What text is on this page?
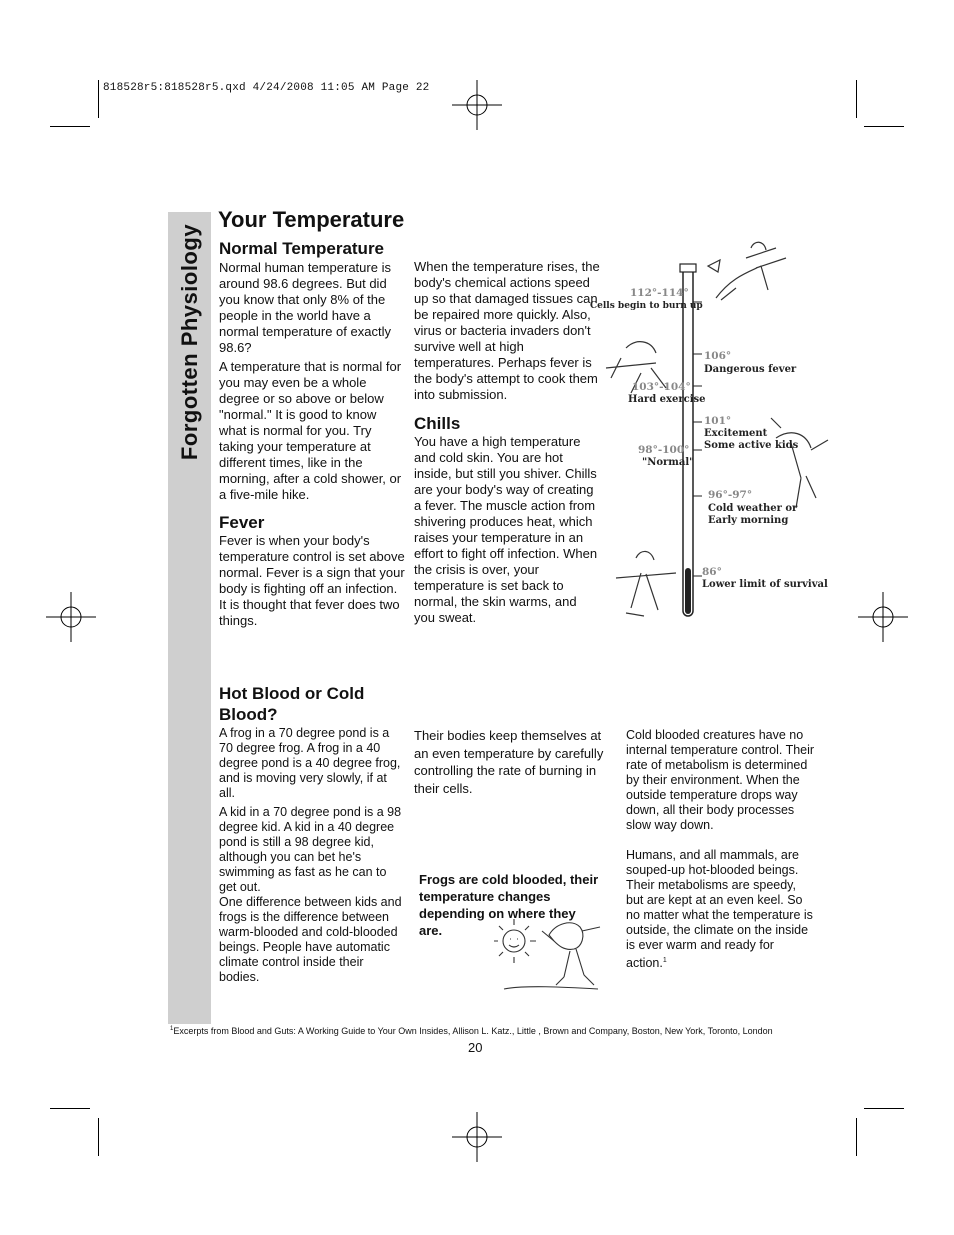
818528r5:818528r5.qxd 4/24/2008 11:05 AM Page 22
Forgotten Physiology
Your Temperature
Normal Temperature

Normal human temperature is around 98.6 degrees. But did you know that only 8% of the people in the world have a normal temperature of exactly 98.6?

A temperature that is normal for you may even be a whole degree or so above or below "normal." It is good to know what is normal for you. Try taking your temperature at different times, like in the morning, after a cold shower, or a five-mile hike.

Fever

Fever is when your body's temperature control is set above normal. Fever is a sign that your body is fighting off an infection. It is thought that fever does two things.

When the temperature rises, the body's chemical actions speed up so that damaged tissues can be repaired more quickly. Also, virus or bacteria invaders don't survive well at high temperatures. Perhaps fever is the body's attempt to cook them into submission.

Chills

You have a high temperature and cold skin. You are hot inside, but still you shiver. Chills are your body's way of creating a fever. The muscle action from shivering produces heat, which raises your temperature in an effort to fight off infection. When the crisis is over, your temperature is set back to normal, the skin warms, and you sweat.

112°-114°
Cells begin to burn up
106°
Dangerous fever
103°-104°
Hard exercise
101°
Excitement
Some active kids
98°-100°
"Normal"
96°-97°
Cold weather or
Early morning
86°
Lower limit of survival
Hot Blood or Cold Blood?

A frog in a 70 degree pond is a 70 degree frog. A frog in a 40 degree pond is a 40 degree frog, and is moving very slowly, if at all.

A kid in a 70 degree pond is a 98 degree kid. A kid in a 40 degree pond is still a 98 degree kid, although you can bet he's swimming as fast as he can to get out.

One difference between kids and frogs is the difference between warm-blooded and cold-blooded beings. People have automatic climate control inside their bodies.

Their bodies keep themselves at an even temperature by carefully controlling the rate of burning in their cells.

Frogs are cold blooded, their temperature changes depending on where they are.

Cold blooded creatures have no internal temperature control. Their rate of metabolism is determined by their environment. When the outside temperature drops way down, all their body processes slow way down.

Humans, and all mammals, are souped-up hot-blooded beings. Their metabolisms are speedy, but are kept at an even keel. So no matter what the temperature is outside, the climate on the inside is ever warm and ready for action.$^1$

$^1$Excerpts from Blood and Guts: A Working Guide to Your Own Insides, Allison L. Katz., Little , Brown and Company, Boston, New York, Toronto, London
20
